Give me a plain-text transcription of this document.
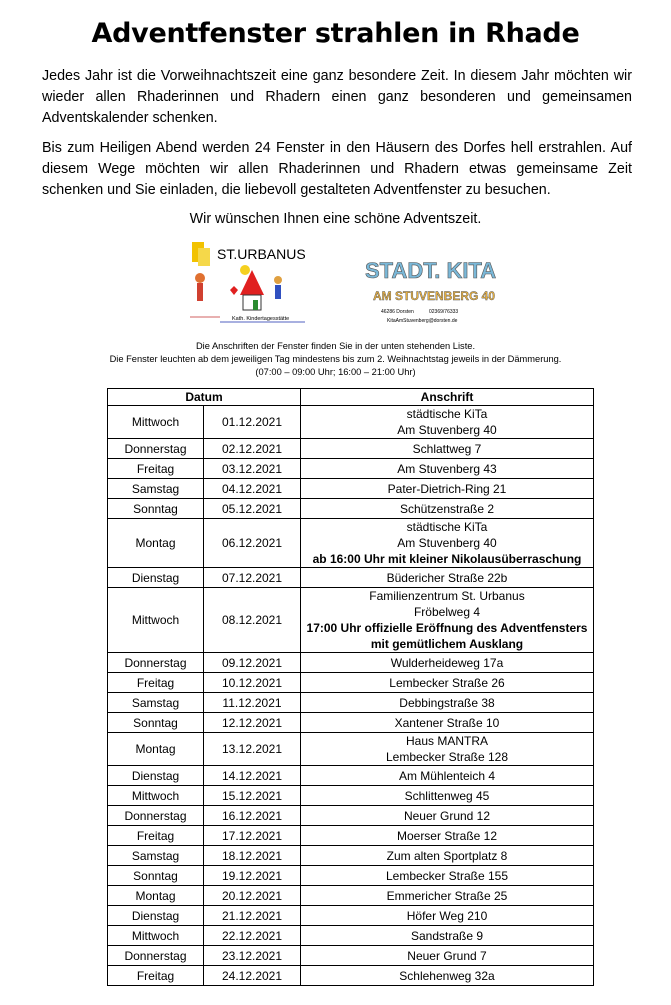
Adventfenster strahlen in Rhade

Jedes Jahr ist die Vorweihnachtszeit eine ganz besondere Zeit. In diesem Jahr möchten wir wieder allen Rhaderinnen und Rhadern einen ganz besonderen und gemeinsamen Adventskalender schenken.

Bis zum Heiligen Abend werden 24 Fenster in den Häusern des Dorfes hell erstrahlen. Auf diesem Wege möchten wir allen Rhaderinnen und Rhadern etwas gemeinsame Zeit schenken und Sie einladen, die liebevoll gestalteten Adventfenster zu besuchen.

Wir wünschen Ihnen eine schöne Adventszeit.
ST.URBANUS
Kath. Kindertagesstätte
STADT. KITA
AM STUVENBERG 40
46286 Dorsten	02369/76333
KitaAmStuvenberg@dorsten.de
Die Anschriften der Fenster finden Sie in der unten stehenden Liste.
Die Fenster leuchten ab dem jeweiligen Tag mindestens bis zum 2. Weihnachtstag jeweils in der Dämmerung.
(07:00 – 09:00 Uhr; 16:00 – 21:00 Uhr)
Datum		Anschrift
Mittwoch	01.12.2021	städtische KiTa
Am Stuvenberg 40

Donnerstag	02.12.2021	Schlattweg 7

Freitag	03.12.2021	Am Stuvenberg 43

Samstag	04.12.2021	Pater-Dietrich-Ring 21

Sonntag	05.12.2021	Schützenstraße 2

Montag	06.12.2021	städtische KiTa
Am Stuvenberg 40
ab 16:00 Uhr mit kleiner Nikolausüberraschung

Dienstag	07.12.2021	Büdericher Straße 22b

Mittwoch	08.12.2021	Familienzentrum St. Urbanus
Fröbelweg 4
17:00 Uhr offizielle Eröffnung des Adventfensters
mit gemütlichem Ausklang

Donnerstag	09.12.2021	Wulderheideweg 17a

Freitag	10.12.2021	Lembecker Straße 26

Samstag	11.12.2021	Debbingstraße 38

Sonntag	12.12.2021	Xantener Straße 10

Montag	13.12.2021	Haus MANTRA
Lembecker Straße 128

Dienstag	14.12.2021	Am Mühlenteich 4

Mittwoch	15.12.2021	Schlittenweg 45

Donnerstag	16.12.2021	Neuer Grund 12

Freitag	17.12.2021	Moerser Straße 12

Samstag	18.12.2021	Zum alten Sportplatz 8

Sonntag	19.12.2021	Lembecker Straße 155

Montag	20.12.2021	Emmericher Straße 25

Dienstag	21.12.2021	Höfer Weg 210

Mittwoch	22.12.2021	Sandstraße 9

Donnerstag	23.12.2021	Neuer Grund 7

Freitag	24.12.2021	Schlehenweg 32a
